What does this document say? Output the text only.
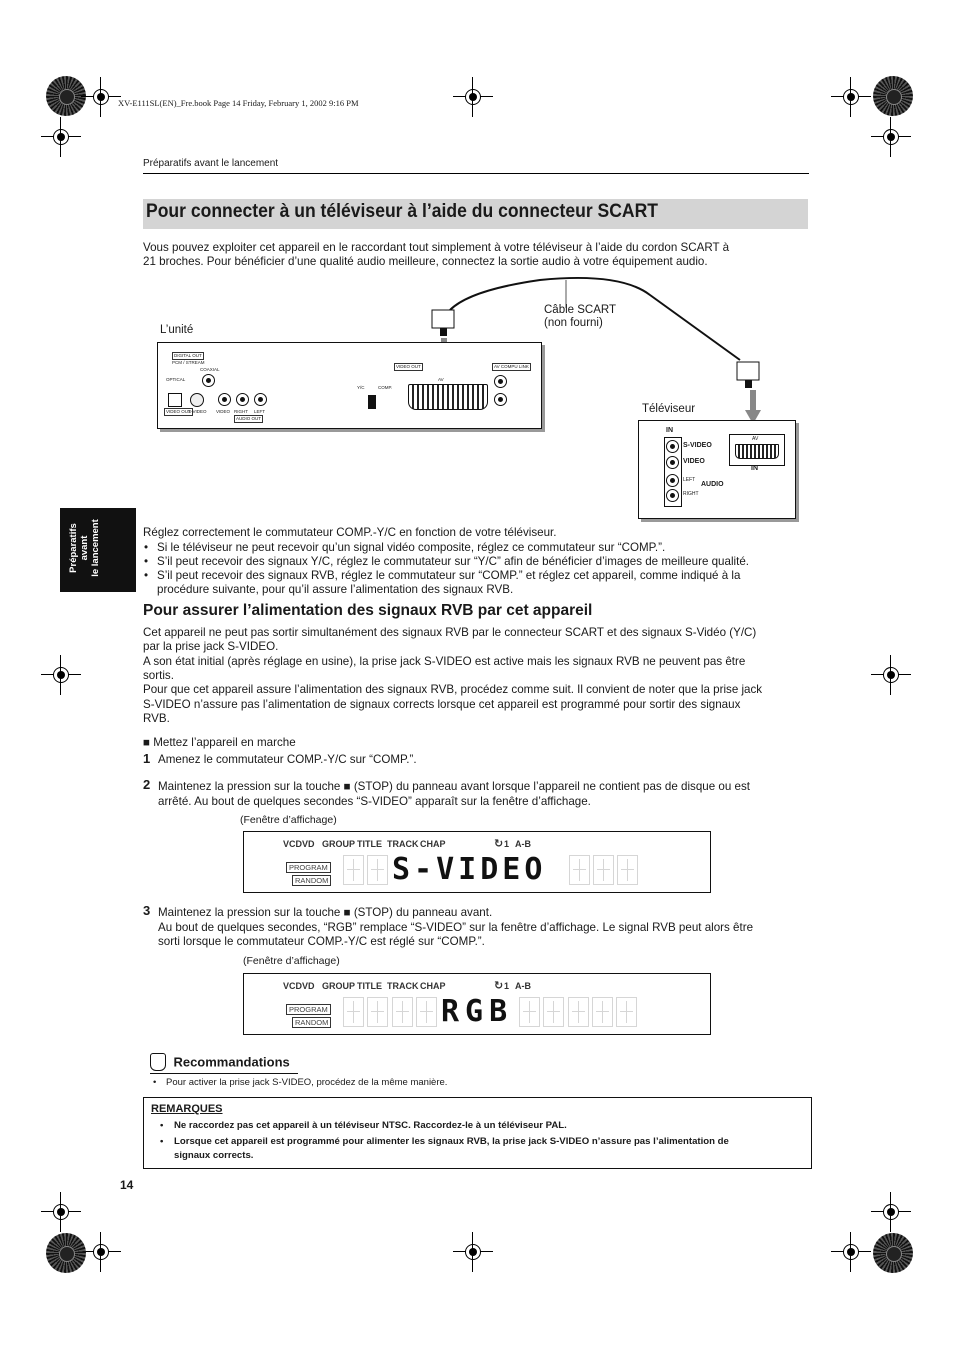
XV-E111SL(EN)_Fre.book Page 14 Friday, February 1, 2002 9:16 PM
Préparatifs avant le lancement
Préparatifs avant le lancement
Pour connecter à un téléviseur à l’aide du connecteur SCART
Vous pouvez exploiter cet appareil en le raccordant tout simplement à votre téléviseur à l’aide du cordon SCART à
21 broches. Pour bénéficier d’une qualité audio meilleure, connectez la sortie audio à votre équipement audio.
L’unité
Câble SCART
(non fourni)
Téléviseur
DIGITAL OUT
PCM / STREAM
COAXIAL
OPTICAL
VIDEO OUT
S-VIDEO VIDEO RIGHT LEFT
AUDIO OUT
VIDEO OUT
AV
Y/C	COMP.
AV COMPU LINK
IN
S-VIDEO
VIDEO
LEFT
AUDIO
RIGHT
AV
IN
Réglez correctement le commutateur COMP.-Y/C en fonction de votre téléviseur.
• Si le téléviseur ne peut recevoir qu’un signal vidéo composite, réglez ce commutateur sur “COMP.”.
• S’il peut recevoir des signaux Y/C, réglez le commutateur sur “Y/C” afin de bénéficier d’images de meilleure qualité.
• S’il peut recevoir des signaux RVB, réglez le commutateur sur “COMP.” et réglez cet appareil, comme indiqué à la
procédure suivante, pour qu’il assure l’alimentation des signaux RVB.
Pour assurer l’alimentation des signaux RVB par cet appareil
Cet appareil ne peut pas sortir simultanément des signaux RVB par le connecteur SCART et des signaux S-Vidéo (Y/C)
par la prise jack S-VIDEO.
A son état initial (après réglage en usine), la prise jack S-VIDEO est active mais les signaux RVB ne peuvent pas être
sortis.
Pour que cet appareil assure l’alimentation des signaux RVB, procédez comme suit. Il convient de noter que la prise jack
S-VIDEO n’assure pas l’alimentation de signaux corrects lorsque cet appareil est programmé pour sortir des signaux
RVB.
■ Mettez l’appareil en marche
1 Amenez le commutateur COMP.-Y/C sur “COMP.”.
2 Maintenez la pression sur la touche ■ (STOP) du panneau avant lorsque l’appareil ne contient pas de disque ou est
arrêté. Au bout de quelques secondes “S-VIDEO” apparaît sur la fenêtre d’affichage.
(Fenêtre d’affichage)
VCDVD GROUP TITLE TRACK CHAP	↻ 1 A-B
PROGRAM
RANDOM S-VIDEO
3 Maintenez la pression sur la touche ■ (STOP) du panneau avant.
Au bout de quelques secondes, “RGB” remplace “S-VIDEO” sur la fenêtre d’affichage. Le signal RVB peut alors être
sorti lorsque le commutateur COMP.-Y/C est réglé sur “COMP.”.
(Fenêtre d’affichage)
VCDVD GROUP TITLE TRACK CHAP	↻ 1 A-B
PROGRAM
RANDOM	RGB
Recommandations
• Pour activer la prise jack S-VIDEO, procédez de la même manière.
REMARQUES
• Ne raccordez pas cet appareil à un téléviseur NTSC. Raccordez-le à un téléviseur PAL.
• Lorsque cet appareil est programmé pour alimenter les signaux RVB, la prise jack S-VIDEO n’assure pas l’alimentation de
signaux corrects.
14
